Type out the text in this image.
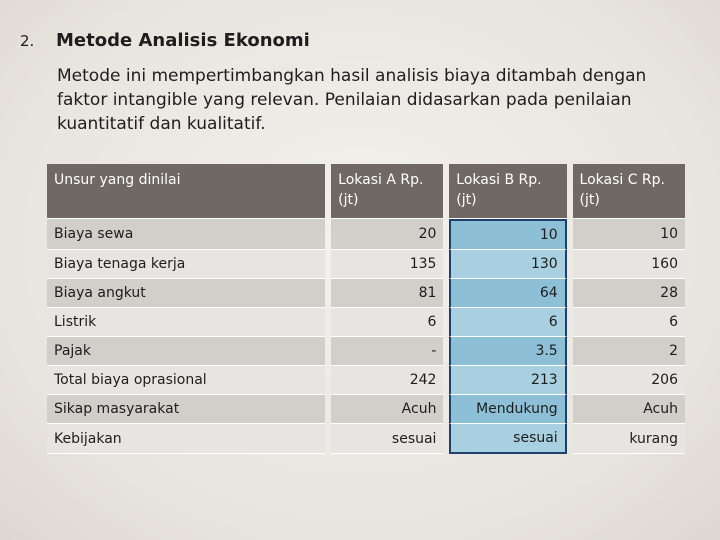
2. Metode Analisis Ekonomi
Metode ini mempertimbangkan hasil analisis biaya ditambah dengan faktor intangible yang relevan. Penilaian didasarkan pada penilaian kuantitatif dan kualitatif.
Unsur yang dinilai		Lokasi A Rp. (jt)		Lokasi B Rp.(jt)		Lokasi C Rp.(jt)
Biaya sewa		20		10		10
Biaya tenaga kerja		135		130		160
Biaya angkut		81		64		28
Listrik		6		6		6
Pajak		-		3.5		2
Total biaya oprasional		242		213		206
Sikap masyarakat		Acuh		Mendukung		Acuh
Kebijakan		sesuai		sesuai		kurang
